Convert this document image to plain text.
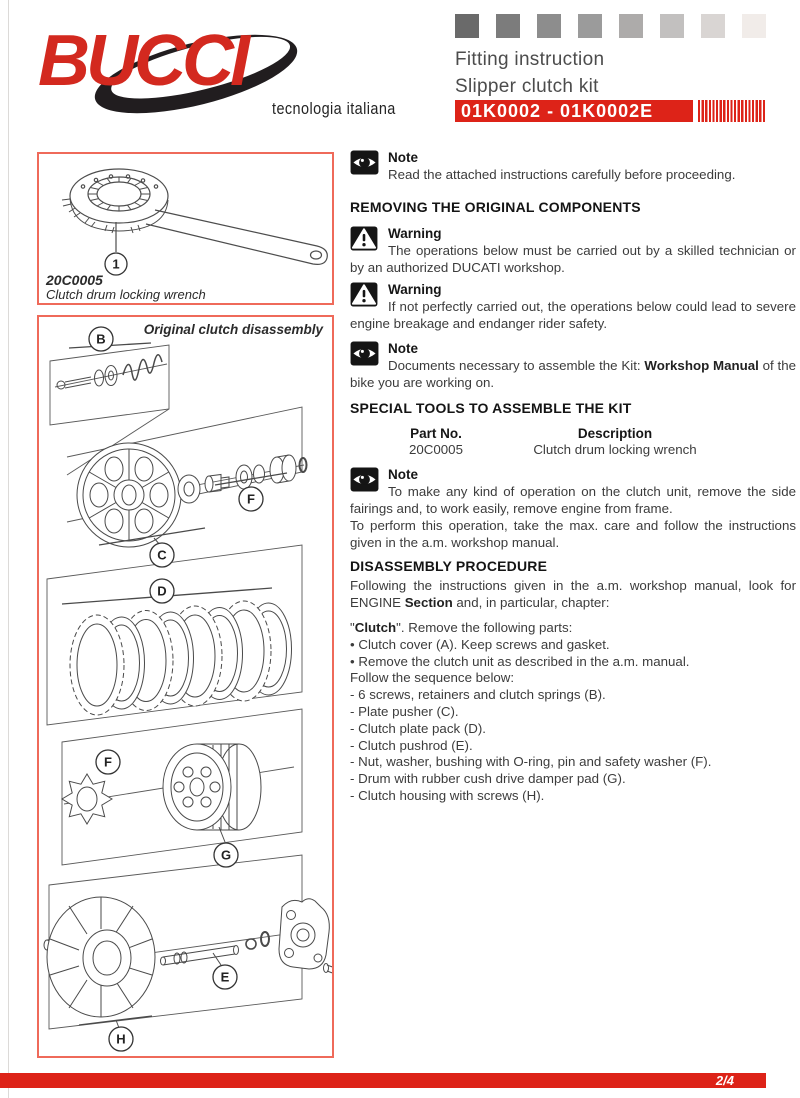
BUCCI
tecnologia italiana
Fitting instruction
Slipper clutch kit
01K0002 - 01K0002E
1
20C0005
Clutch drum locking wrench
B
F
C
D
F
G
E
H
Original clutch disassembly
Note
Read the attached instructions carefully before proceeding.
REMOVING THE ORIGINAL COMPONENTS
Warning
The operations below must be carried out by a skilled technician or by an authorized DUCATI workshop.
Warning
If not perfectly carried out, the operations below could lead to severe engine breakage and endanger rider safety.
Note
Documents necessary to assemble the Kit: Workshop Manual of the bike you are working on.
SPECIAL TOOLS TO ASSEMBLE THE KIT
Part No.
20C0005
Description
Clutch drum locking wrench
Note
To make any kind of operation on the clutch unit, remove the side fairings and, to work easily, remove engine from frame.
To perform this operation, take the max. care and follow the instructions given in the a.m. workshop manual.
DISASSEMBLY PROCEDURE
Following the instructions given in the a.m. workshop manual, look for ENGINE Section and, in particular, chapter:
"Clutch". Remove the following parts:
• Clutch cover (A). Keep screws and gasket.
• Remove the clutch unit as described in the a.m. manual.
Follow the sequence below:
- 6 screws, retainers and clutch springs (B).
- Plate pusher (C).
- Clutch plate pack (D).
- Clutch pushrod (E).
- Nut, washer, bushing with O-ring, pin and safety washer (F).
- Drum with rubber cush drive damper pad (G).
- Clutch housing with screws (H).
2/4
